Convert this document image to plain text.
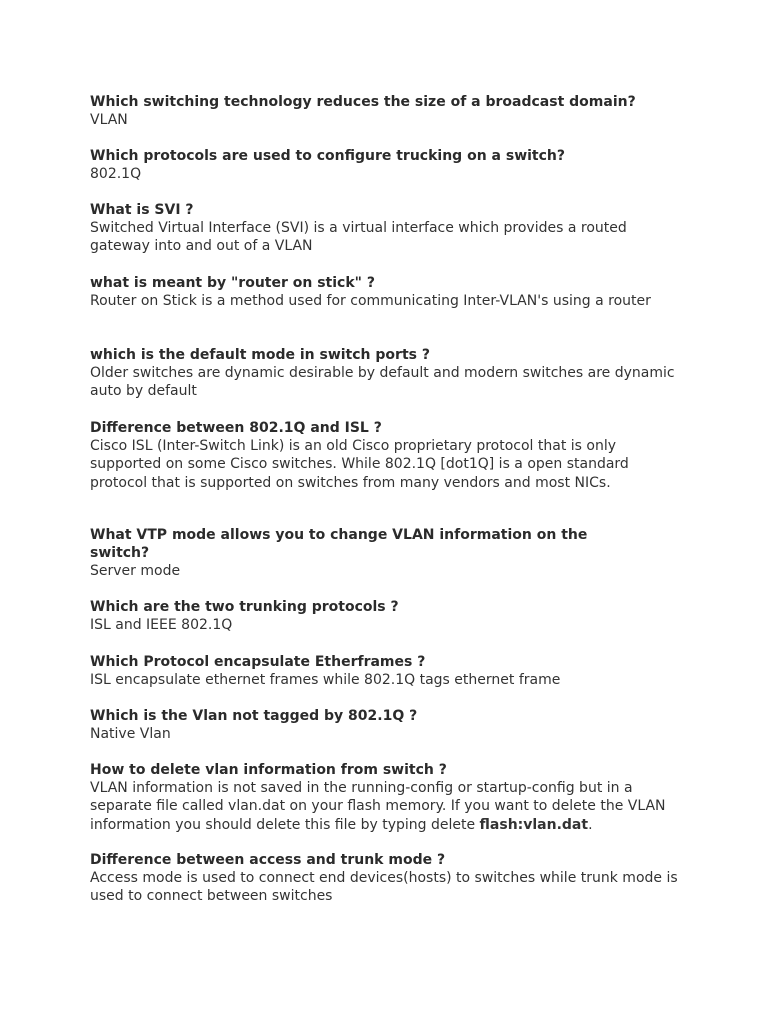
Which switching technology reduces the size of a broadcast domain?
VLAN
Which protocols are used to configure trucking on a switch?
802.1Q
What is SVI ?
Switched Virtual Interface (SVI) is a virtual interface which provides a routed gateway into and out of a VLAN
what is meant by "router on stick" ?
Router on Stick is a method used for communicating Inter-VLAN's using a router
which is the default mode in switch ports ?
Older switches are dynamic desirable by default and modern switches are dynamic auto by default
Difference between 802.1Q and ISL ?
Cisco ISL (Inter-Switch Link) is an old Cisco proprietary protocol that is only supported on some Cisco switches. While 802.1Q [dot1Q] is a open standard protocol that is supported on switches from many vendors and most NICs.
What VTP mode allows you to change VLAN information on the switch?
Server mode
Which are the two trunking protocols ?
ISL and IEEE 802.1Q
Which Protocol encapsulate Etherframes ?
ISL encapsulate ethernet frames while 802.1Q tags ethernet frame
Which is the Vlan not tagged by 802.1Q ?
Native Vlan
How to delete vlan information from switch ?
VLAN information is not saved in the running-config or startup-config but in a separate file called vlan.dat on your flash memory. If you want to delete the VLAN information you should delete this file by typing delete flash:vlan.dat.
Difference between access and trunk mode ?
Access mode is used to connect end devices(hosts) to switches while trunk mode is used to connect between switches
